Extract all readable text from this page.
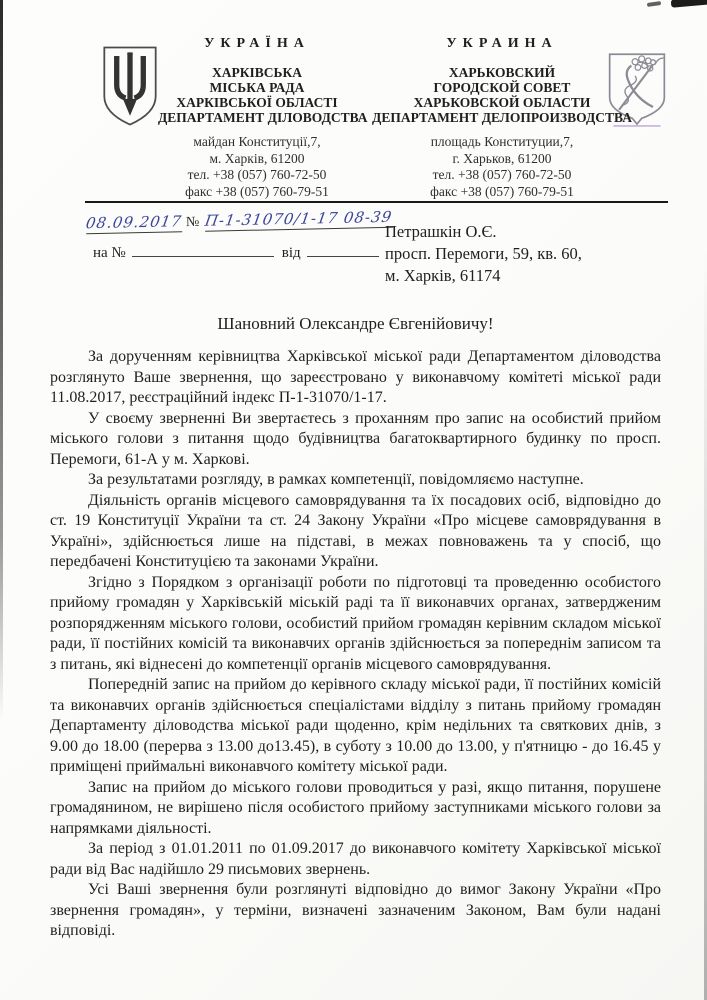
УКРАЇНА
ХАРКІВСЬКА
МІСЬКА РАДА
ХАРКІВСЬКОЇ ОБЛАСТІ
ДЕПАРТАМЕНТ ДІЛОВОДСТВА
майдан Конституції,7,
м. Харків, 61200
тел. +38 (057) 760-72-50
факс +38 (057) 760-79-51
УКРАИНА
ХАРЬКОВСКИЙ
ГОРОДСКОЙ СОВЕТ
ХАРЬКОВСКОЙ ОБЛАСТИ
ДЕПАРТАМЕНТ ДЕЛОПРОИЗВОДСТВА
площадь Конституции,7,
г. Харьков, 61200
тел. +38 (057) 760-72-50
факс +38 (057) 760-79-51
08.09.2017 № П-1-31070/1-17 08-39
на №	від
Петрашкін О.Є.
просп. Перемоги, 59, кв. 60,
м. Харків, 61174
Шановний Олександре Євгенійовичу!

За дорученням керівництва Харківської міської ради Департаментом діловодства розглянуто Ваше звернення, що зареєстровано у виконавчому комітеті міської ради 11.08.2017, реєстраційний індекс П-1-31070/1-17.

У своєму зверненні Ви звертаєтесь з проханням про запис на особистий прийом міського голови з питання щодо будівництва багатоквартирного будинку по просп. Перемоги, 61-А у м. Харкові.

За результатами розгляду, в рамках компетенції, повідомляємо наступне.

Діяльність органів місцевого самоврядування та їх посадових осіб, відповідно до ст. 19 Конституції України та ст. 24 Закону України «Про місцеве самоврядування в Україні», здійснюється лише на підставі, в межах повноважень та у спосіб, що передбачені Конституцією та законами України.

Згідно з Порядком з організації роботи по підготовці та проведенню особистого прийому громадян у Харківській міській раді та її виконавчих органах, затвердженим розпорядженням міського голови, особистий прийом громадян керівним складом міської ради, її постійних комісій та виконавчих органів здійснюється за попереднім записом та з питань, які віднесені до компетенції органів місцевого самоврядування.

Попередній запис на прийом до керівного складу міської ради, її постійних комісій та виконавчих органів здійснюється спеціалістами відділу з питань прийому громадян Департаменту діловодства міської ради щоденно, крім недільних та святкових днів, з 9.00 до 18.00 (перерва з 13.00 до13.45), в суботу з 10.00 до 13.00, у п'ятницю - до 16.45 у приміщені приймальні виконавчого комітету міської ради.

Запис на прийом до міського голови проводиться у разі, якщо питання, порушене громадянином, не вирішено після особистого прийому заступниками міського голови за напрямками діяльності.

За період з 01.01.2011 по 01.09.2017 до виконавчого комітету Харківської міської ради від Вас надійшло 29 письмових звернень.

Усі Ваші звернення були розглянуті відповідно до вимог Закону України «Про звернення громадян», у терміни, визначені зазначеним Законом, Вам були надані відповіді.
